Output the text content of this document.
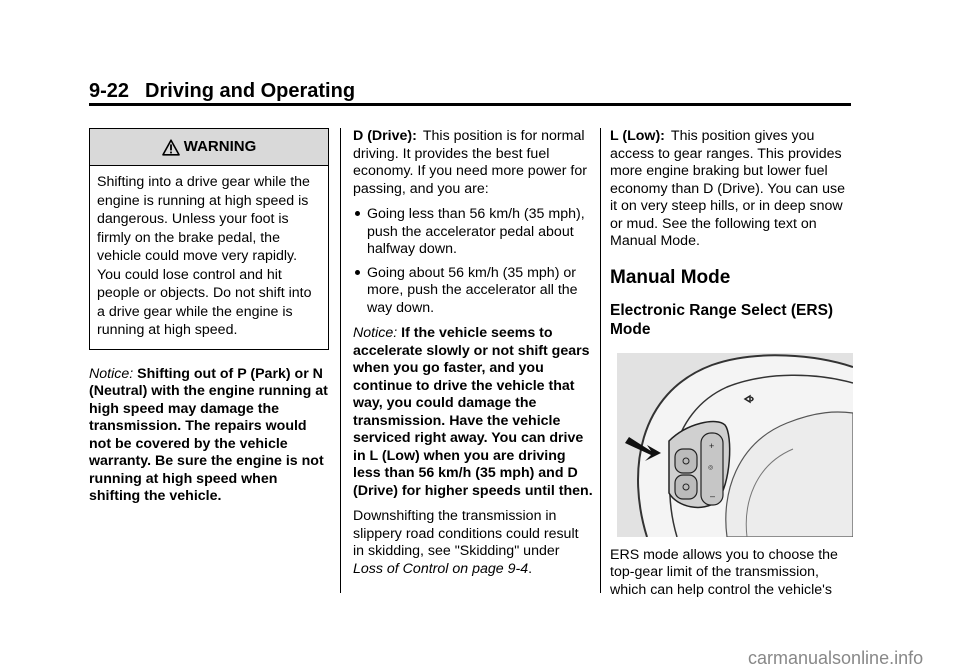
9-22 Driving and Operating
WARNING
Shifting into a drive gear while the engine is running at high speed is dangerous. Unless your foot is firmly on the brake pedal, the vehicle could move very rapidly. You could lose control and hit people or objects. Do not shift into a drive gear while the engine is running at high speed.

Notice: Shifting out of P (Park) or N (Neutral) with the engine running at high speed may damage the transmission. The repairs would not be covered by the vehicle warranty. Be sure the engine is not running at high speed when shifting the vehicle.

D (Drive): This position is for normal driving. It provides the best fuel economy. If you need more power for passing, and you are:

Going less than 56 km/h (35 mph), push the accelerator pedal about halfway down.
Going about 56 km/h (35 mph) or more, push the accelerator all the way down.

Notice: If the vehicle seems to accelerate slowly or not shift gears when you go faster, and you continue to drive the vehicle that way, you could damage the transmission. Have the vehicle serviced right away. You can drive in L (Low) when you are driving less than 56 km/h (35 mph) and D (Drive) for higher speeds until then.

Downshifting the transmission in slippery road conditions could result in skidding, see "Skidding" under Loss of Control on page 9-4.

L (Low): This position gives you access to gear ranges. This provides more engine braking but lower fuel economy than D (Drive). You can use it on very steep hills, or in deep snow or mud. See the following text on Manual Mode.

Manual Mode
Electronic Range Select (ERS) Mode
+
◎
–

ERS mode allows you to choose the top-gear limit of the transmission, which can help control the vehicle's

carmanualsonline.info
